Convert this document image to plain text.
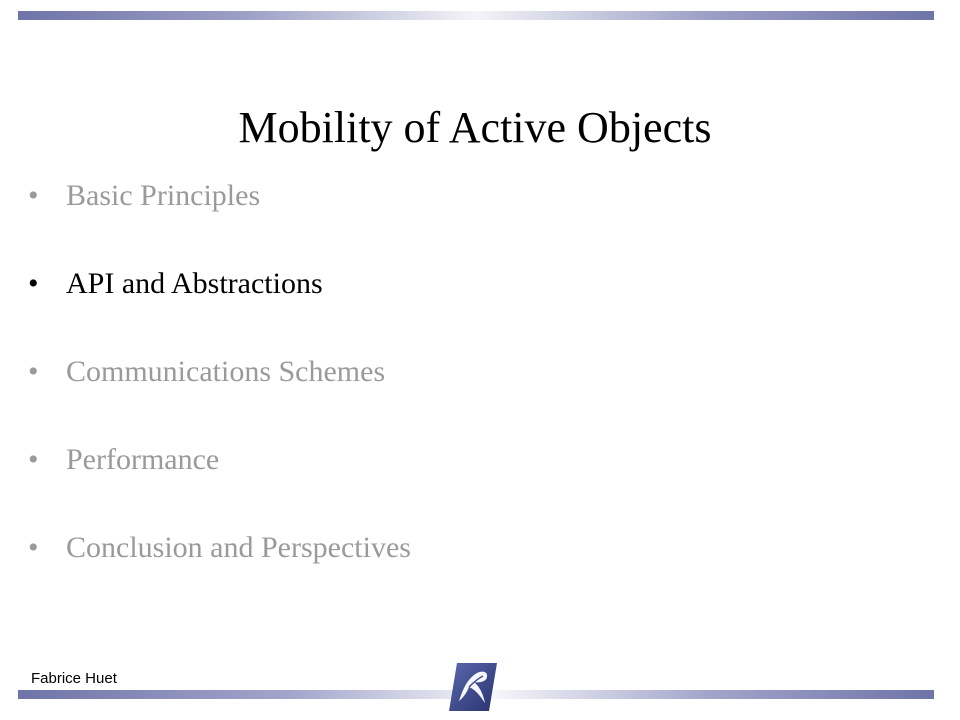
Mobility of Active Objects
• Basic Principles
• API and Abstractions
• Communications Schemes
• Performance
• Conclusion and Perspectives
Fabrice Huet
